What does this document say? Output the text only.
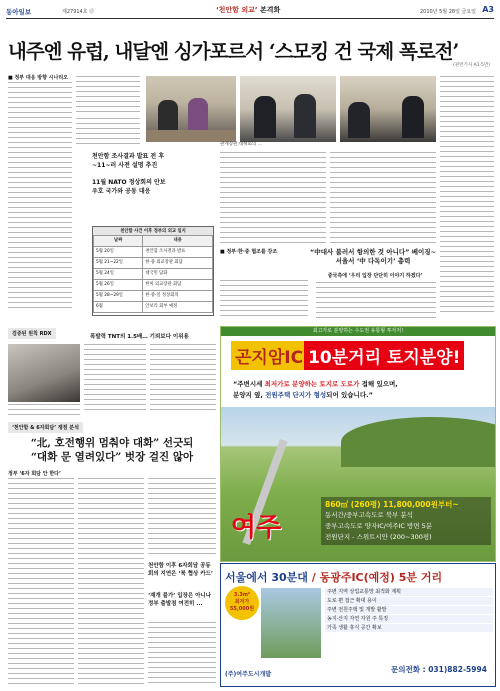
동아일보	제27914호 ⓓ	‘천안함 외교’ 본격화	2010년 5월 28일 금요일 A3
내주엔 유럽, 내달엔 싱가포르서 ‘스모킹 건 국제 폭로전’
(관련기사 A1·5면)
■ 정부 대응 방향 시나리오
천안함 조사결과 발표 전 후~11~러 사전 설명 추진
11월 NATO 정상회의 안보 우호 국가와 공동 대응
관계장관 대책회의 ...
천안함 사건 이후 정부의 외교 일지
날짜	내용
5월 20일	천안함 조사결과 발표
5월 21~22일	한·중 외교장관 회담
5월 24일	대국민 담화
5월 26일	한미 외교장관 회담
5월 28~29일	한·중·일 정상회의
6월	안보리 회부 예정
■ 정부·한·중 협조를 강조	“中대사 불러서 항의한 것 아니다” 베이징~서울서 ‘中 다독이기’ 총력
중국측에 ‘우리 입장 단단히 이야기 하겠다’
검증된 원칙 RDX	폭발력 TNT의 1.5배… 기뢰보다 이위용
‘천안함 & 6자회담’ 쟁점 분석
“北, 호전행위 멈춰야 대화” 선긋되
“대화 문 열려있다” 벗장 걸진 않아
정부 ‘6자 회담 안 한다’
천안함 이후 6자회담 공동 회의 지연은 ‘북 협상 카드’
‘재개 불가’ 입장은 아니나 정부 출발점 여전히 ...
최고가로 분양하는 수도권 유통형 투자처!
곤지암IC 10분거리 토지분양!
“주변시세 최저가로 분양하는 토지로 도로가 접해 있으며,
분양지 옆, 전원주택 단지가 형성되어 있습니다.”
여주
860㎡ (260평) 11,800,000원부터~
동서간/중부고속도로 북부 분석
중부고속도로 양자IC/여주IC 방면 5분
전원단지 - 스위트시안 (200~300평)
서울에서 30분대 / 동광주IC(예정) 5분 거리
3.3m²
최저가
55,000원
주변 지역 상업교통망 최적화 계획
도로 편 접근 확대 용이
주변 전원주택 및 개발 활발
농지·산지 자연 자원 주 특징
가족 생활 휴식 공간 확보
(주)여주도시개발
문의전화 : 031)882-5994
